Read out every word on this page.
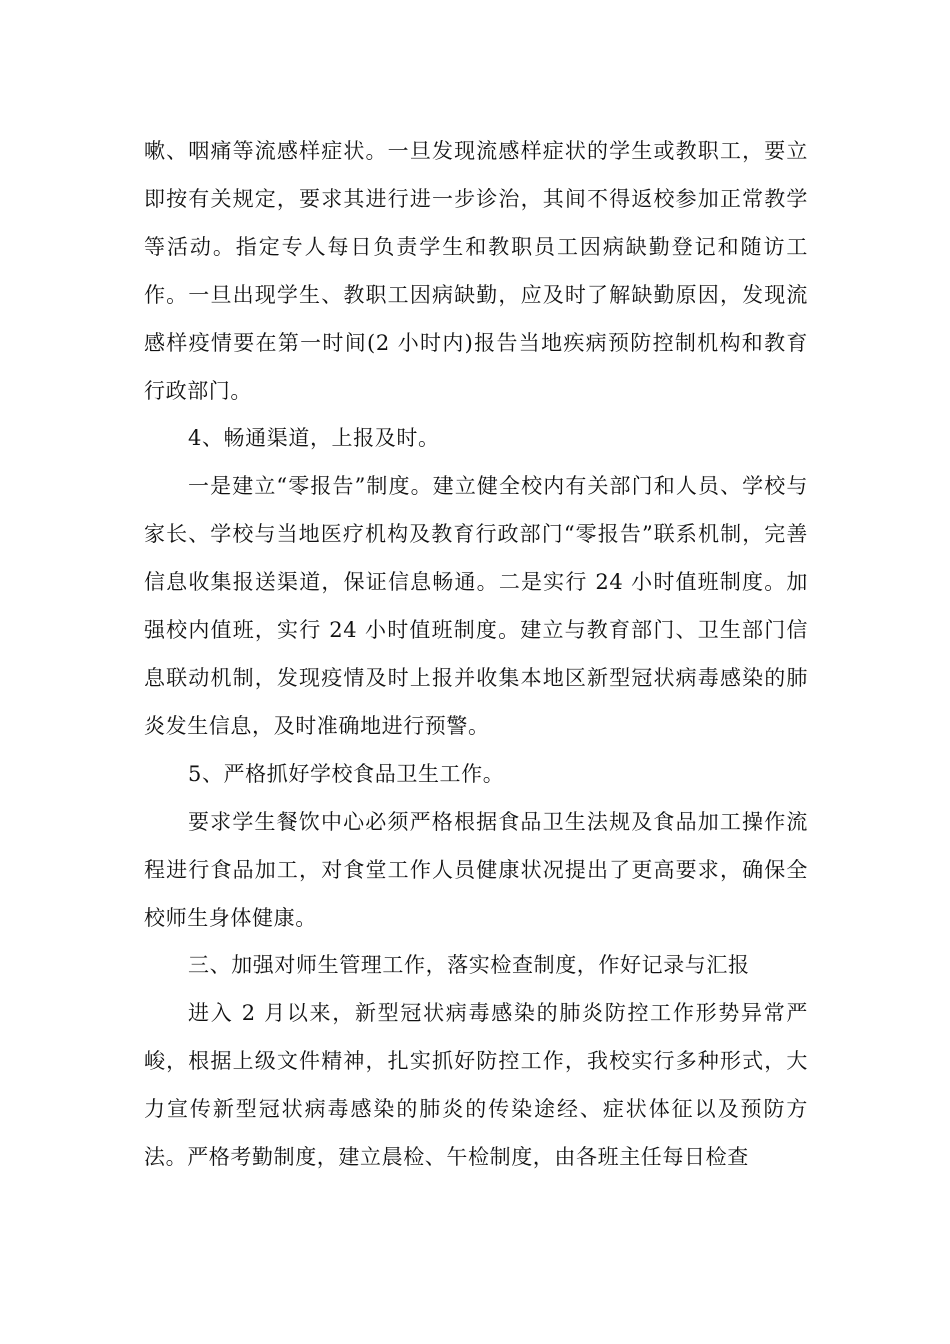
嗽、咽痛等流感样症状。一旦发现流感样症状的学生或教职工，要立即按有关规定，要求其进行进一步诊治，其间不得返校参加正常教学等活动。指定专人每日负责学生和教职员工因病缺勤登记和随访工作。一旦出现学生、教职工因病缺勤，应及时了解缺勤原因，发现流感样疫情要在第一时间(2 小时内)报告当地疾病预防控制机构和教育行政部门。

4、畅通渠道，上报及时。

一是建立“零报告”制度。建立健全校内有关部门和人员、学校与家长、学校与当地医疗机构及教育行政部门“零报告”联系机制，完善信息收集报送渠道，保证信息畅通。二是实行 24 小时值班制度。加强校内值班，实行 24 小时值班制度。建立与教育部门、卫生部门信息联动机制，发现疫情及时上报并收集本地区新型冠状病毒感染的肺炎发生信息，及时准确地进行预警。

5、严格抓好学校食品卫生工作。

要求学生餐饮中心必须严格根据食品卫生法规及食品加工操作流程进行食品加工，对食堂工作人员健康状况提出了更高要求，确保全校师生身体健康。

三、加强对师生管理工作，落实检查制度，作好记录与汇报

进入 2 月以来，新型冠状病毒感染的肺炎防控工作形势异常严峻，根据上级文件精神，扎实抓好防控工作，我校实行多种形式，大力宣传新型冠状病毒感染的肺炎的传染途经、症状体征以及预防方法。严格考勤制度，建立晨检、午检制度，由各班主任每日检查
